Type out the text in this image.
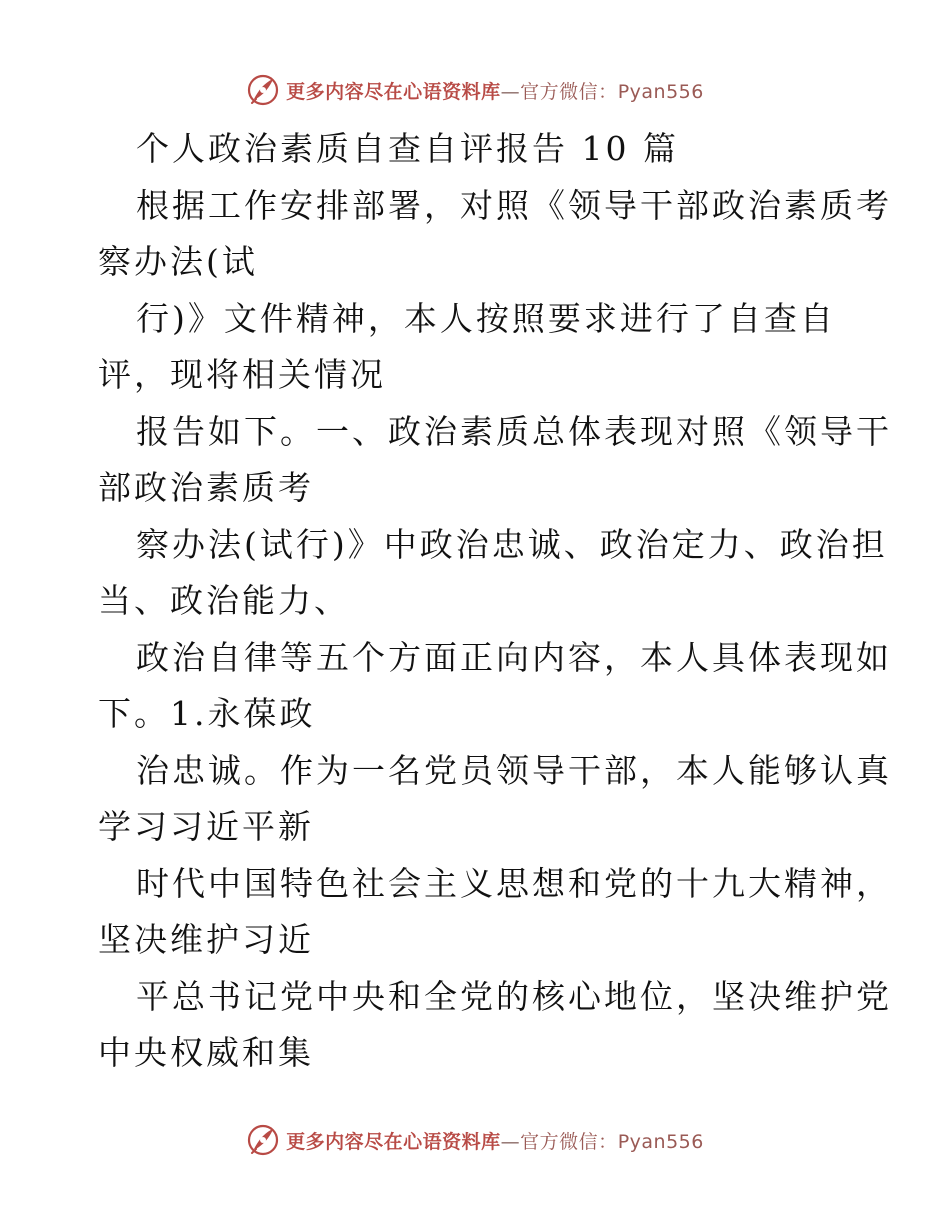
更多内容尽在心语资料库—官方微信：Pyan556
个人政治素质自查自评报告 10 篇
根据工作安排部署，对照《领导干部政治素质考
察办法(试
行)》文件精神，本人按照要求进行了自查自
评，现将相关情况
报告如下。一、政治素质总体表现对照《领导干
部政治素质考
察办法(试行)》中政治忠诚、政治定力、政治担
当、政治能力、
政治自律等五个方面正向内容，本人具体表现如
下。1.永葆政
治忠诚。作为一名党员领导干部，本人能够认真
学习习近平新
时代中国特色社会主义思想和党的十九大精神，
坚决维护习近
平总书记党中央和全党的核心地位，坚决维护党
中央权威和集
更多内容尽在心语资料库—官方微信：Pyan556
